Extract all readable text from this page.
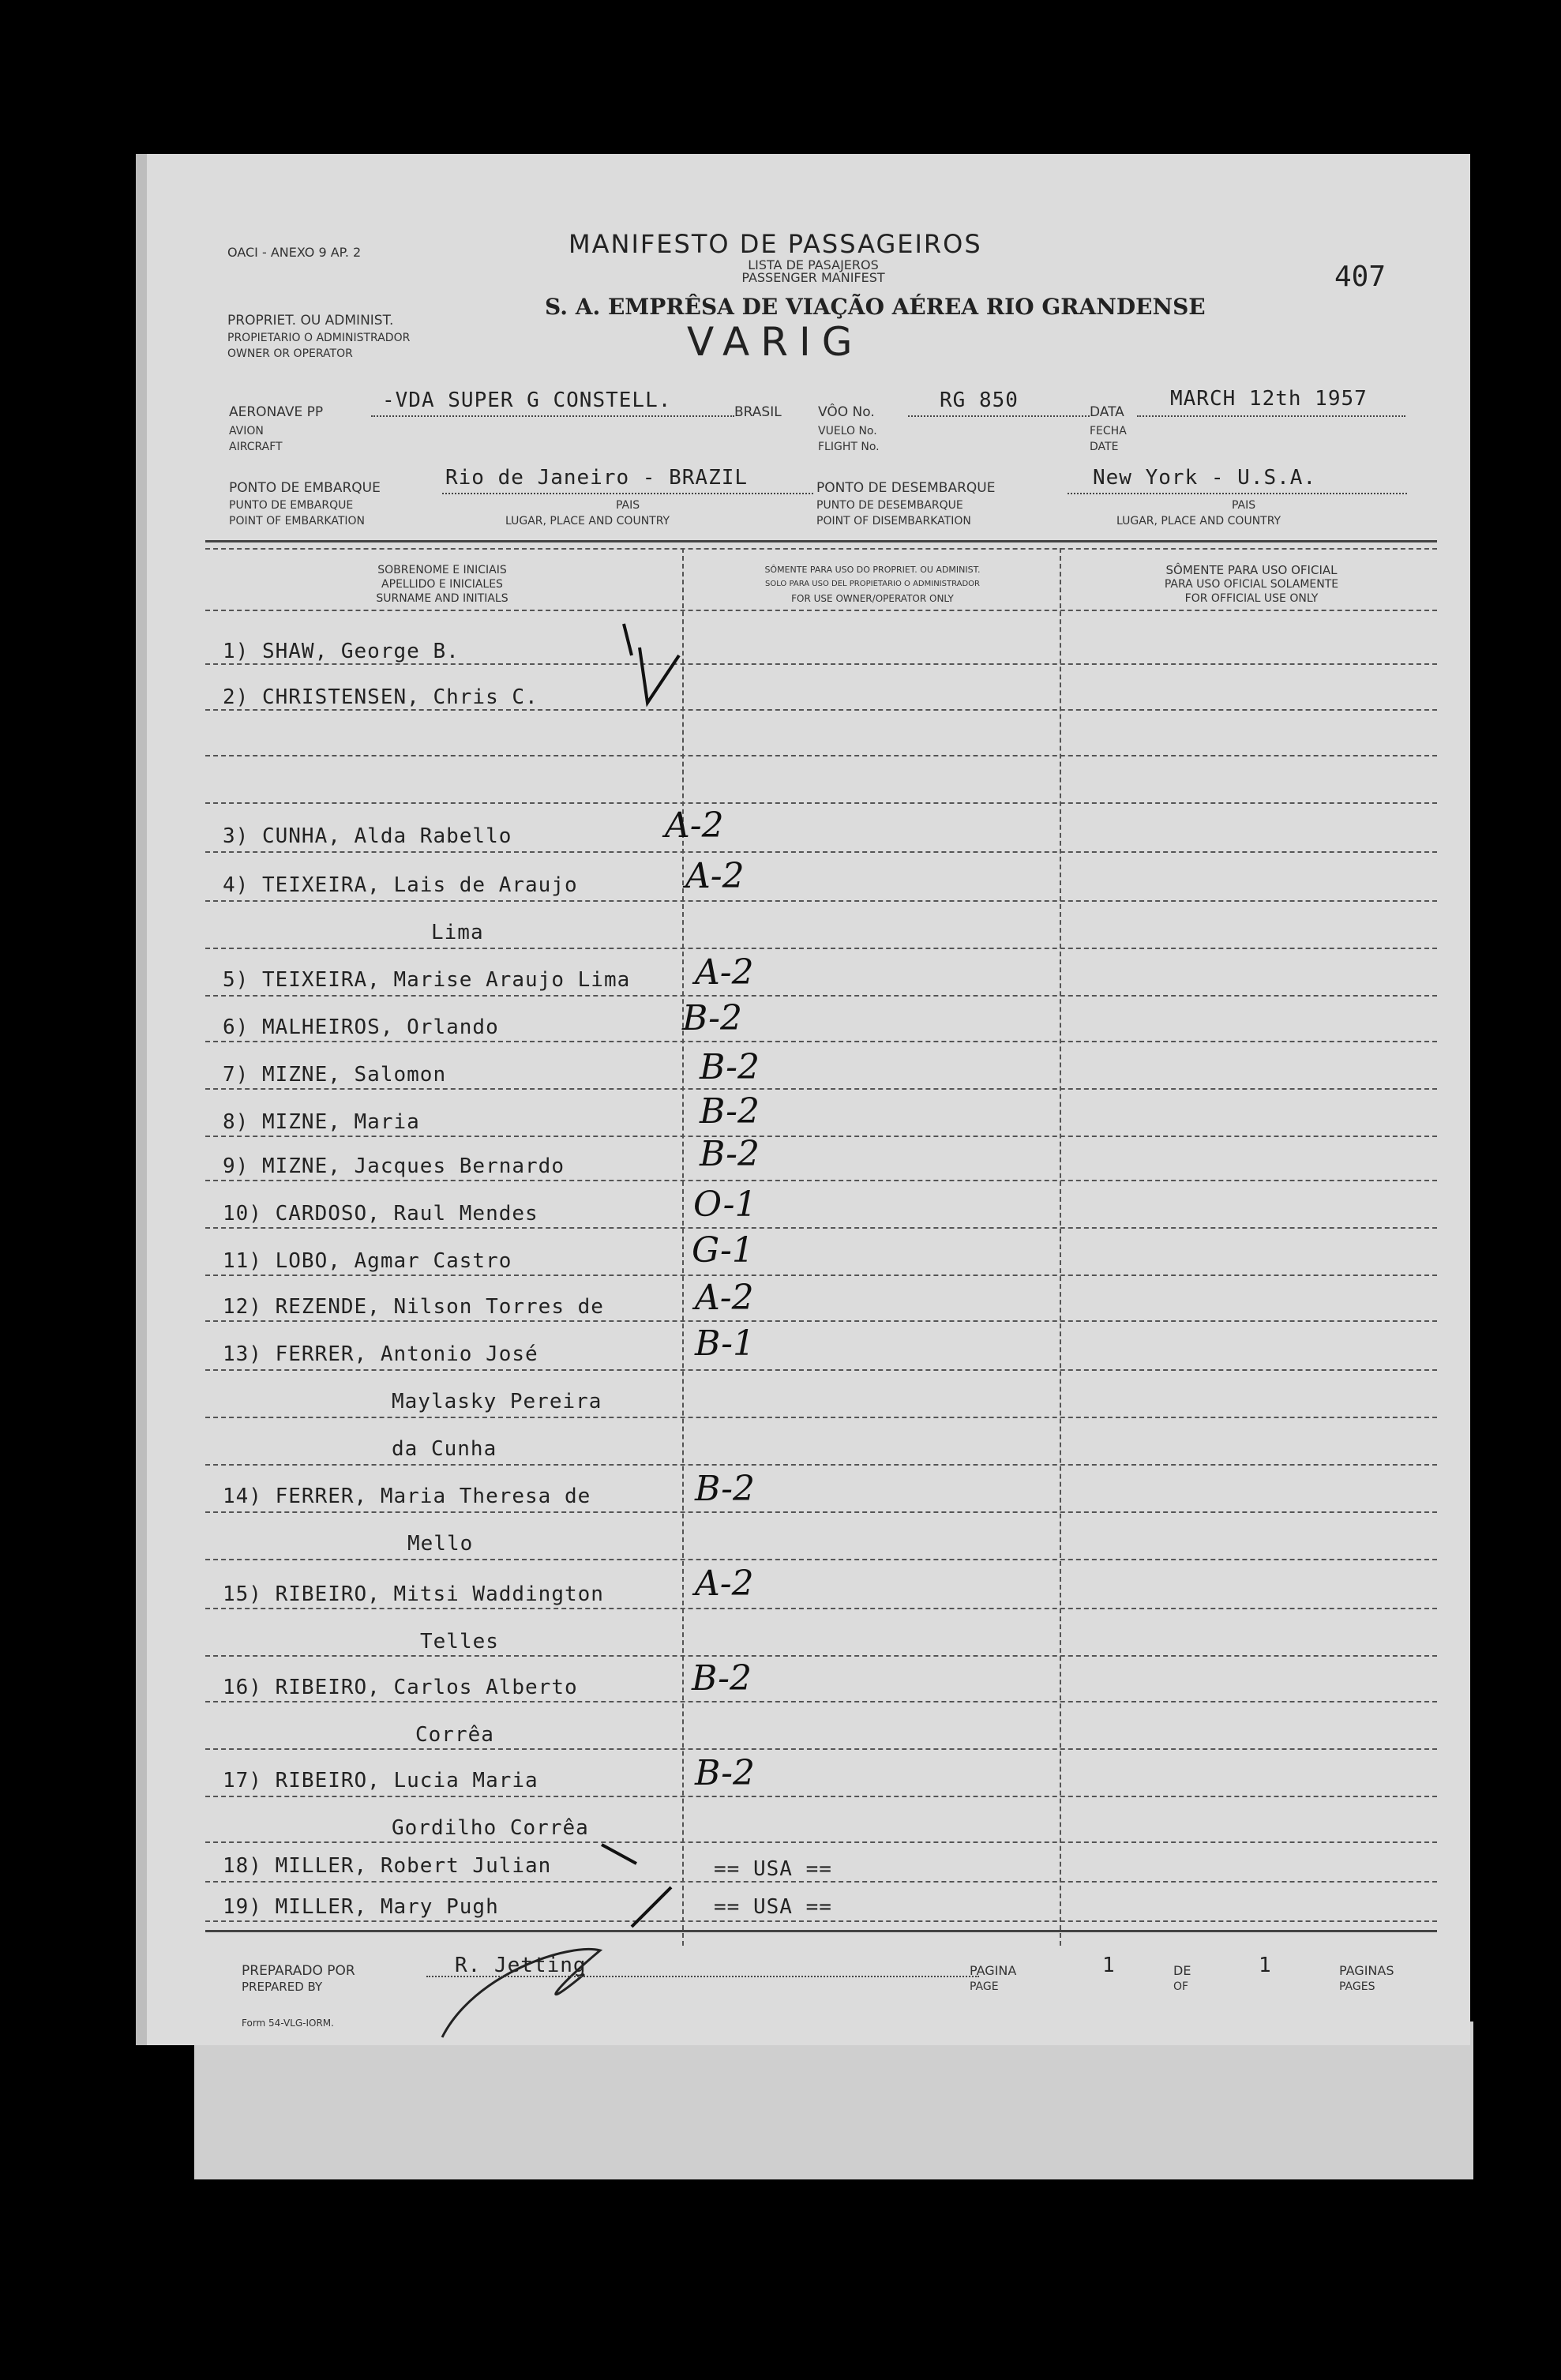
OACI - ANEXO 9 AP. 2	MANIFESTO DE PASSAGEIROS
LISTA DE PASAJEROS
PASSENGER MANIFEST	407
PROPRIET. OU ADMINIST.
PROPIETARIO O ADMINISTRADOR
OWNER OR OPERATOR
S. A. EMPRÊSA DE VIAÇÃO AÉREA RIO GRANDENSE
VARIG
AERONAVE PP
AVION
AIRCRAFT
-VDA SUPER G CONSTELL.	BRASIL	VÔO No.
VUELO No.
FLIGHT No.
RG 850	DATA
FECHA
DATE
MARCH 12th 1957
PONTO DE EMBARQUE
PUNTO DE EMBARQUE
POINT OF EMBARKATION
Rio de Janeiro - BRAZIL
PAIS
LUGAR, PLACE AND COUNTRY
PONTO DE DESEMBARQUE
PUNTO DE DESEMBARQUE
POINT OF DISEMBARKATION
New York - U.S.A.
PAIS
LUGAR, PLACE AND COUNTRY
SOBRENOME E INICIAIS
APELLIDO E INICIALES
SURNAME AND INITIALS
SÔMENTE PARA USO DO PROPRIET. OU ADMINIST.
SOLO PARA USO DEL PROPIETARIO O ADMINISTRADOR
FOR USE OWNER/OPERATOR ONLY
SÔMENTE PARA USO OFICIAL
PARA USO OFICIAL SOLAMENTE
FOR OFFICIAL USE ONLY
1) SHAW, George B.
2) CHRISTENSEN, Chris C.
3) CUNHA, Alda Rabello	A-2
4) TEIXEIRA, Lais de Araujo	A-2
Lima
5) TEIXEIRA, Marise Araujo Lima A-2
6) MALHEIROS, Orlando	B-2
7) MIZNE, Salomon	B-2
8) MIZNE, Maria	B-2
9) MIZNE, Jacques Bernardo	B-2
10) CARDOSO, Raul Mendes	O-1
11) LOBO, Agmar Castro	G-1
12) REZENDE, Nilson Torres de	A-2
13) FERRER, Antonio José	B-1
Maylasky Pereira
da Cunha
14) FERRER, Maria Theresa de	B-2
Mello
15) RIBEIRO, Mitsi Waddington	A-2
Telles
16) RIBEIRO, Carlos Alberto	B-2
Corrêa
17) RIBEIRO, Lucia Maria	B-2
Gordilho Corrêa
18) MILLER, Robert Julian	== USA ==
19) MILLER, Mary Pugh	== USA ==
PREPARADO POR
PREPARED BY
R. Jetting	PAGINA
PAGE
1	DE
OF
1	PAGINAS
PAGES
Form 54-VLG-IORM.
